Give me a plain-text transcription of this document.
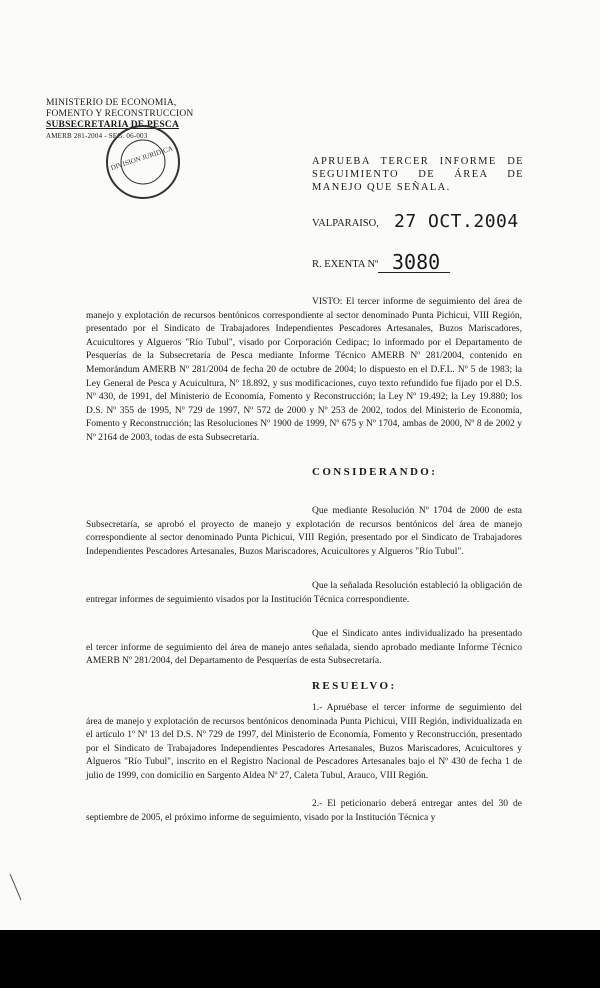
MINISTERIO DE ECONOMIA,
FOMENTO Y RECONSTRUCCION
SUBSECRETARIA DE PESCA
AMERB 281-2004 - SEG. 06-003
DIVISION JURIDICA	APRUEBA TERCER INFORME DE SEGUIMIENTO DE ÁREA DE MANEJO QUE SEÑALA.
VALPARAISO, 27 OCT.2004
R. EXENTA Nº 3080
VISTO: El tercer informe de seguimiento del área de manejo y explotación de recursos bentónicos correspondiente al sector denominado Punta Pichicui, VIII Región, presentado por el Sindicato de Trabajadores Independientes Pescadores Artesanales, Buzos Mariscadores, Acuicultores y Algueros "Río Tubul", visado por Corporación Cedipac; lo informado por el Departamento de Pesquerías de la Subsecretaría de Pesca mediante Informe Técnico AMERB Nº 281/2004, contenido en Memorándum AMERB Nº 281/2004 de fecha 20 de octubre de 2004; lo dispuesto en el D.F.L. Nº 5 de 1983; la Ley General de Pesca y Acuicultura, Nº 18.892, y sus modificaciones, cuyo texto refundido fue fijado por el D.S. Nº 430, de 1991, del Ministerio de Economía, Fomento y Reconstrucción; la Ley Nº 19.492; la Ley 19.880; los D.S. Nº 355 de 1995, Nº 729 de 1997, Nº 572 de 2000 y Nº 253 de 2002, todos del Ministerio de Economía, Fomento y Reconstrucción; las Resoluciones Nº 1900 de 1999, Nº 675 y Nº 1704, ambas de 2000, Nº 8 de 2002 y Nº 2164 de 2003, todas de esta Subsecretaría.
CONSIDERANDO:
Que mediante Resolución Nº 1704 de 2000 de esta Subsecretaría, se aprobó el proyecto de manejo y explotación de recursos bentónicos del área de manejo correspondiente al sector denominado Punta Pichicui, VIII Región, presentado por el Sindicato de Trabajadores Independientes Pescadores Artesanales, Buzos Mariscadores, Acuicultores y Algueros "Río Tubul".
Que la señalada Resolución estableció la obligación de entregar informes de seguimiento visados por la Institución Técnica correspondiente.
Que el Sindicato antes individualizado ha presentado el tercer informe de seguimiento del área de manejo antes señalada, siendo aprobado mediante Informe Técnico AMERB Nº 281/2004, del Departamento de Pesquerías de esta Subsecretaría.
RESUELVO:
1.- Apruébase el tercer informe de seguimiento del área de manejo y explotación de recursos bentónicos denominada Punta Pichicui, VIII Región, individualizada en el artículo 1º Nº 13 del D.S. Nº 729 de 1997, del Ministerio de Economía, Fomento y Reconstrucción, presentado por el Sindicato de Trabajadores Independientes Pescadores Artesanales, Buzos Mariscadores, Acuicultores y Algueros "Río Tubul", inscrito en el Registro Nacional de Pescadores Artesanales bajo el Nº 430 de fecha 1 de julio de 1999, con domicilio en Sargento Aldea Nº 27, Caleta Tubul, Arauco, VIII Región.
2.- El peticionario deberá entregar antes del 30 de septiembre de 2005, el próximo informe de seguimiento, visado por la Institución Técnica y
